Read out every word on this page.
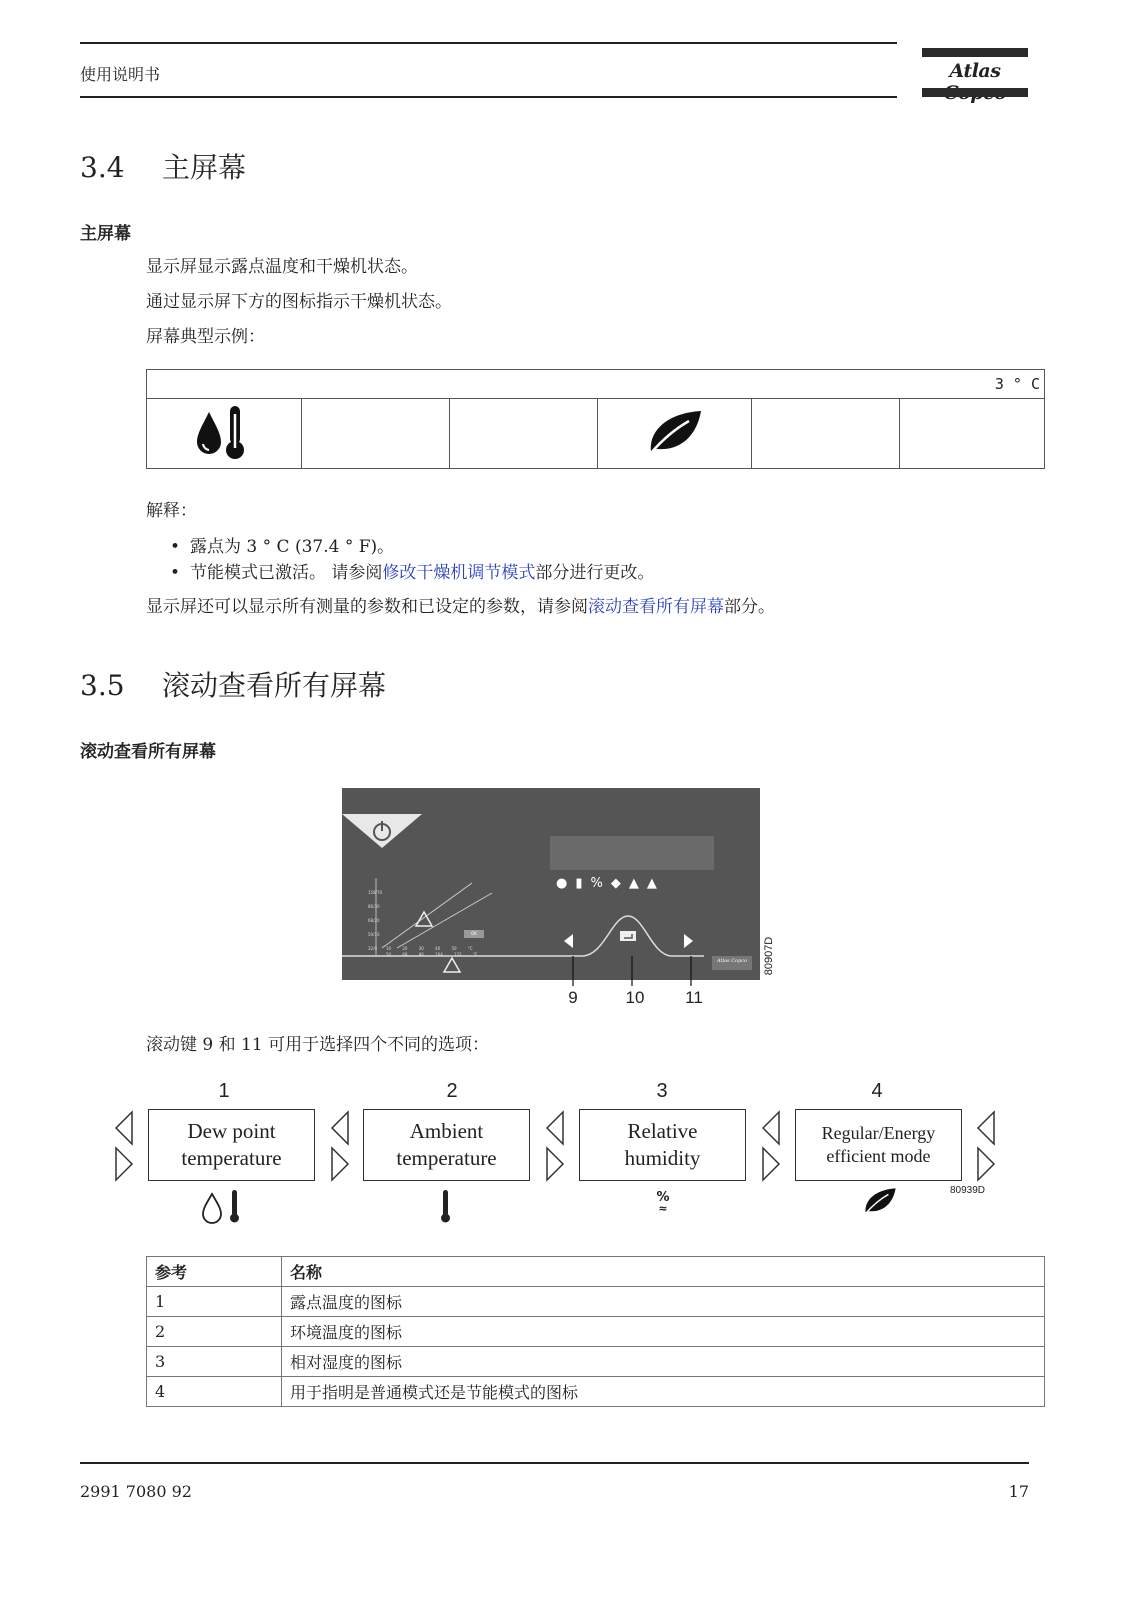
使用说明书	Atlas
3.4 主屏幕
主屏幕
显示屏显示露点温度和干燥机状态。
通过显示屏下方的图标指示干燥机状态。
屏幕典型示例：
3 ° C

解释：
• 露点为 3 ° C (37.4 ° F)。
• 节能模式已激活。 请参阅修改干燥机调节模式部分进行更改。
显示屏还可以显示所有测量的参数和已设定的参数，请参阅滚动查看所有屏幕部分。
3.5 滚动查看所有屏幕
滚动查看所有屏幕
●▮%◆▲▲
158/70
86/30
68/20
50/10
32/0	10	20	30	40	50	°C
50	68	86	104	122	°F
OK
Atlas Copco
9	10	11
80907D
滚动键 9 和 11 可用于选择四个不同的选项：
1	2	3	4
Dew point
temperature
Ambient
temperature
Relative
humidity
Regular/Energy
efficient mode
%
≈
80939D
参考	名称
1	露点温度的图标
2	环境温度的图标
3	相对湿度的图标
4	用于指明是普通模式还是节能模式的图标
2991 7080 92	17
